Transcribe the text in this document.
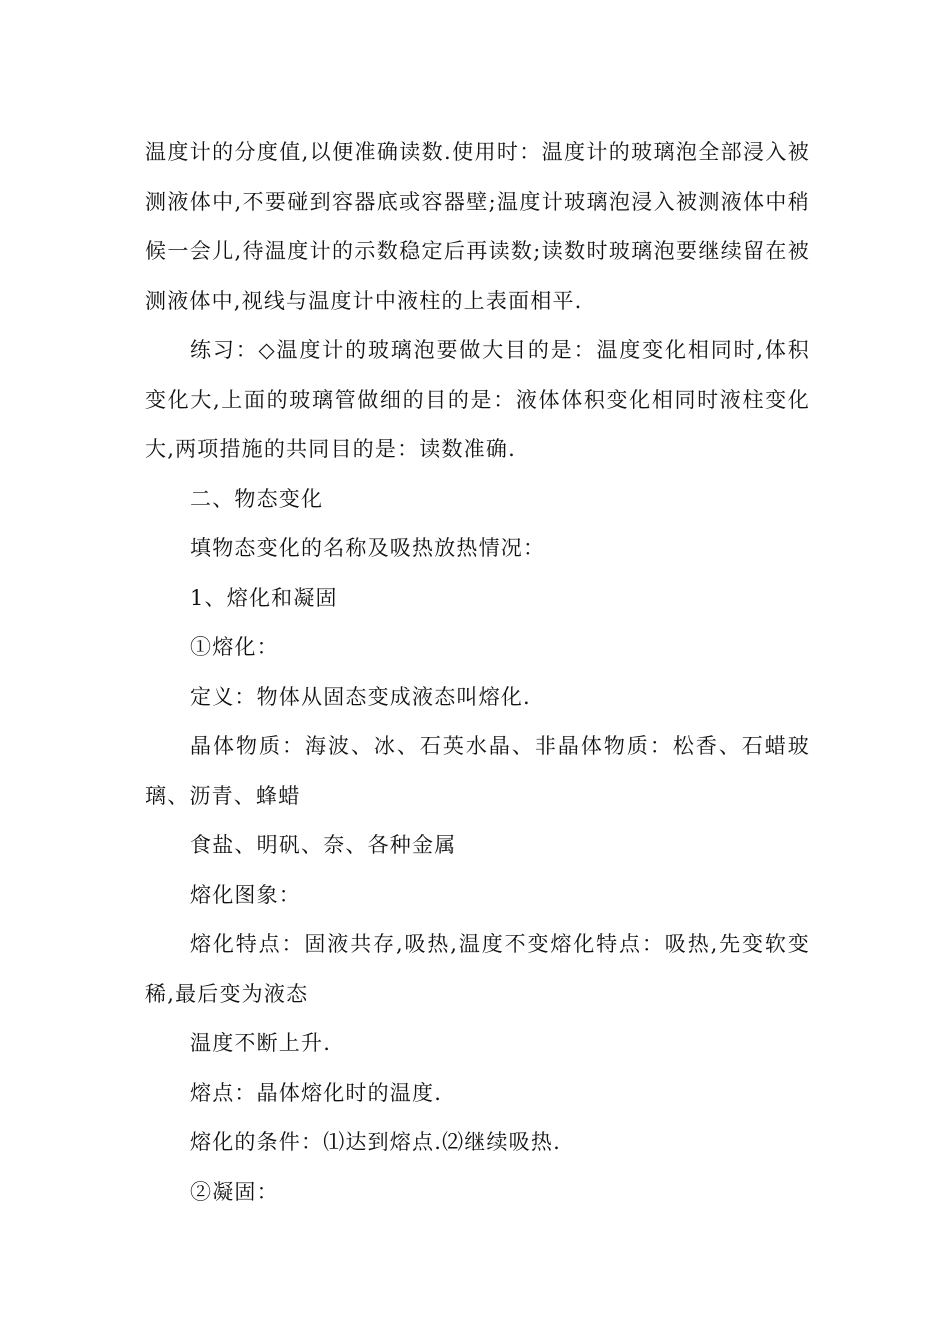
温度计的分度值,以便准确读数.使用时：温度计的玻璃泡全部浸入被测液体中,不要碰到容器底或容器壁;温度计玻璃泡浸入被测液体中稍候一会儿,待温度计的示数稳定后再读数;读数时玻璃泡要继续留在被测液体中,视线与温度计中液柱的上表面相平.

练习：◇温度计的玻璃泡要做大目的是：温度变化相同时,体积变化大,上面的玻璃管做细的目的是：液体体积变化相同时液柱变化大,两项措施的共同目的是：读数准确.

二、物态变化

填物态变化的名称及吸热放热情况：

1、熔化和凝固

①熔化：

定义：物体从固态变成液态叫熔化.

晶体物质：海波、冰、石英水晶、非晶体物质：松香、石蜡玻璃、沥青、蜂蜡

食盐、明矾、奈、各种金属

熔化图象：

熔化特点：固液共存,吸热,温度不变熔化特点：吸热,先变软变稀,最后变为液态

温度不断上升.

熔点：晶体熔化时的温度.

熔化的条件：⑴达到熔点.⑵继续吸热.

②凝固：
